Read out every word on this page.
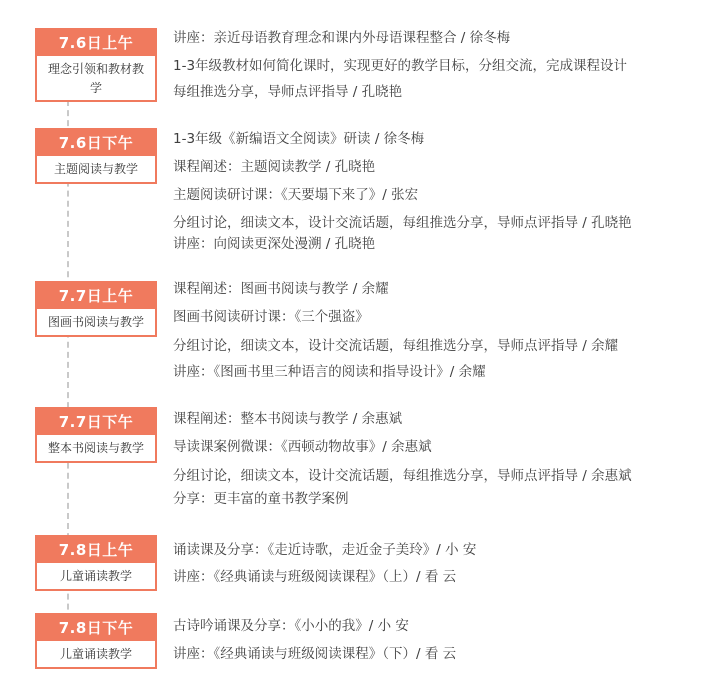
7.6日上午
理念引领和教材教学
讲座：亲近母语教育理念和课内外母语课程整合 / 徐冬梅
1-3年级教材如何简化课时，实现更好的教学目标，分组交流，完成课程设计
每组推选分享，导师点评指导 / 孔晓艳
7.6日下午
主题阅读与教学
1-3年级《新编语文全阅读》研读 / 徐冬梅
课程阐述：主题阅读教学 / 孔晓艳
主题阅读研讨课：《天要塌下来了》/ 张宏
分组讨论，细读文本，设计交流话题，每组推选分享，导师点评指导 / 孔晓艳
讲座：向阅读更深处漫溯 / 孔晓艳
7.7日上午
图画书阅读与教学
课程阐述：图画书阅读与教学 / 余耀
图画书阅读研讨课：《三个强盗》
分组讨论，细读文本，设计交流话题，每组推选分享，导师点评指导 / 余耀
讲座：《图画书里三种语言的阅读和指导设计》/ 余耀
7.7日下午
整本书阅读与教学
课程阐述：整本书阅读与教学 / 余惠斌
导读课案例微课：《西顿动物故事》/ 余惠斌
分组讨论，细读文本，设计交流话题，每组推选分享，导师点评指导 / 余惠斌
分享：更丰富的童书教学案例
7.8日上午
儿童诵读教学
诵读课及分享：《走近诗歌，走近金子美玲》/ 小 安
讲座：《经典诵读与班级阅读课程》（上）/ 看 云
7.8日下午
儿童诵读教学
古诗吟诵课及分享：《小小的我》/ 小 安
讲座：《经典诵读与班级阅读课程》（下）/ 看 云
